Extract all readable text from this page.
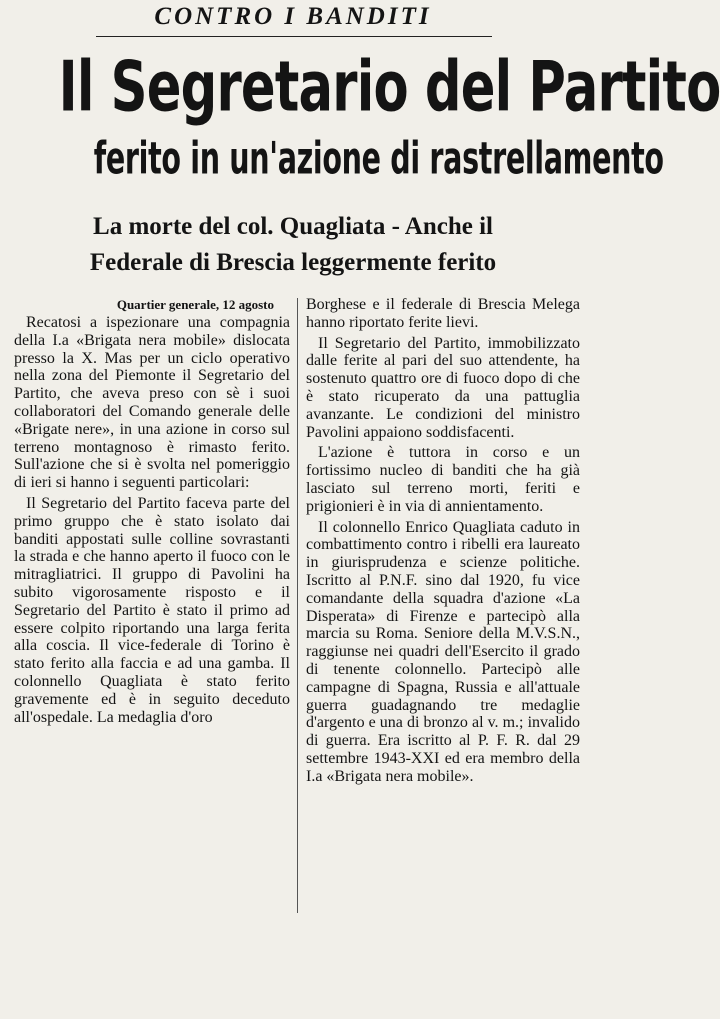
CONTRO I BANDITI
Il Segretario del Partito
ferito in un'azione di rastrellamento
La morte del col. Quagliata - Anche il
Federale di Brescia leggermente ferito
Quartier generale, 12 agosto

Recatosi a ispezionare una compagnia della I.a «Brigata nera mobile» dislocata presso la X. Mas per un ciclo operativo nella zona del Piemonte il Segretario del Partito, che aveva preso con sè i suoi collaboratori del Comando generale delle «Brigate nere», in una azione in corso sul terreno montagnoso è rimasto ferito. Sull'azione che si è svolta nel pomeriggio di ieri si hanno i seguenti particolari:

Il Segretario del Partito faceva parte del primo gruppo che è stato isolato dai banditi appostati sulle colline sovrastanti la strada e che hanno aperto il fuoco con le mitragliatrici. Il gruppo di Pavolini ha subito vigorosamente risposto e il Segretario del Partito è stato il primo ad essere colpito riportando una larga ferita alla coscia. Il vice-federale di Torino è stato ferito alla faccia e ad una gamba. Il colonnello Quagliata è stato ferito gravemente ed è in seguito deceduto all'ospedale. La medaglia d'oro

Borghese e il federale di Brescia Melega hanno riportato ferite lievi.

Il Segretario del Partito, immobilizzato dalle ferite al pari del suo attendente, ha sostenuto quattro ore di fuoco dopo di che è stato ricuperato da una pattuglia avanzante. Le condizioni del ministro Pavolini appaiono soddisfacenti.

L'azione è tuttora in corso e un fortissimo nucleo di banditi che ha già lasciato sul terreno morti, feriti e prigionieri è in via di annientamento.

Il colonnello Enrico Quagliata caduto in combattimento contro i ribelli era laureato in giurisprudenza e scienze politiche. Iscritto al P.N.F. sino dal 1920, fu vice comandante della squadra d'azione «La Disperata» di Firenze e partecipò alla marcia su Roma. Seniore della M.V.S.N., raggiunse nei quadri dell'Esercito il grado di tenente colonnello. Partecipò alle campagne di Spagna, Russia e all'attuale guerra guadagnando tre medaglie d'argento e una di bronzo al v. m.; invalido di guerra. Era iscritto al P. F. R. dal 29 settembre 1943-XXI ed era membro della I.a «Brigata nera mobile».
